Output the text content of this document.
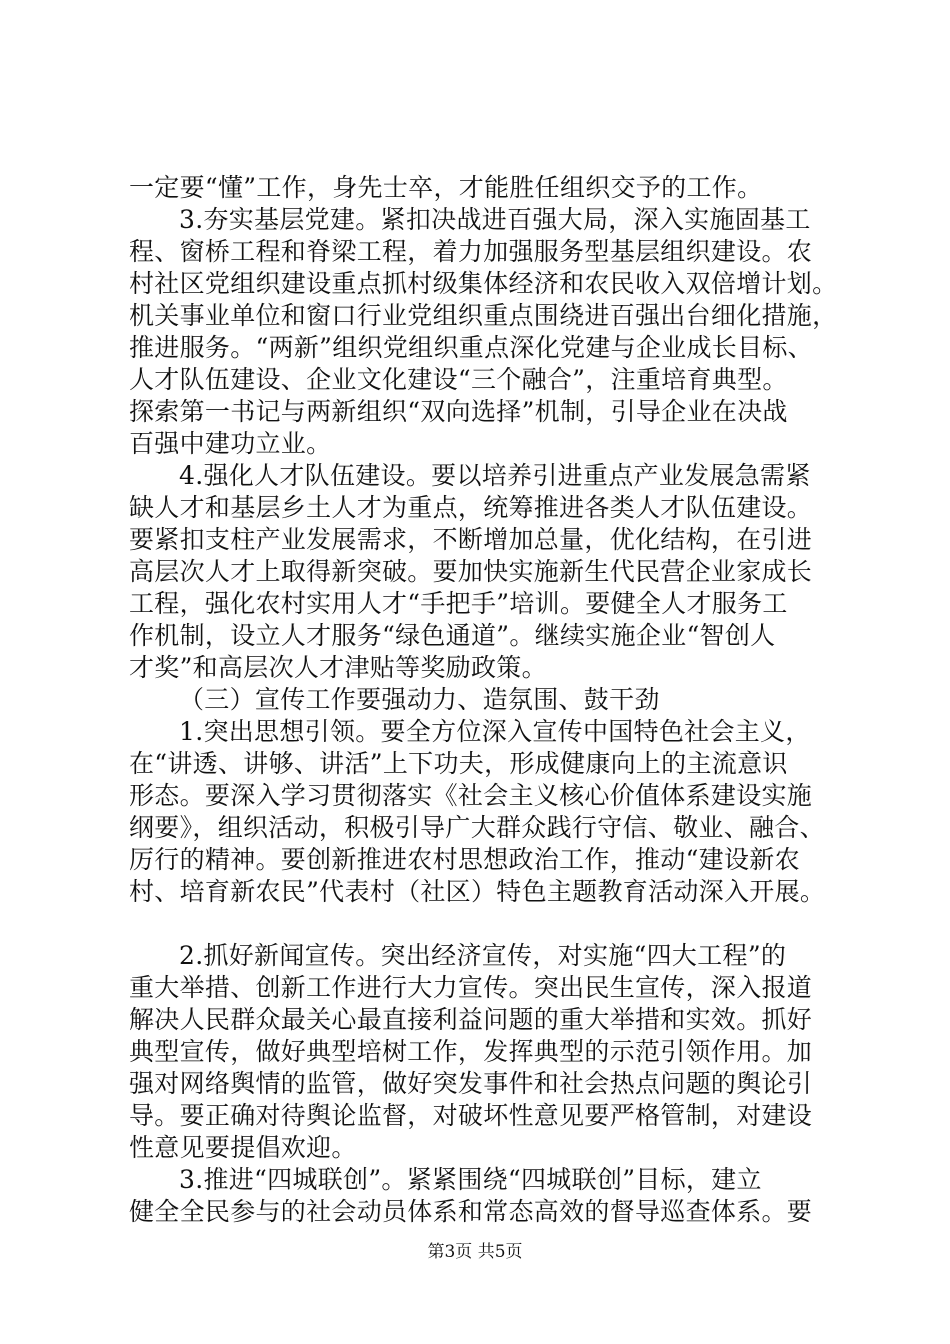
一定要“懂”工作，身先士卒，才能胜任组织交予的工作。
3.夯实基层党建。紧扣决战进百强大局，深入实施固基工
程、窗桥工程和脊梁工程，着力加强服务型基层组织建设。农
村社区党组织建设重点抓村级集体经济和农民收入双倍增计划。
机关事业单位和窗口行业党组织重点围绕进百强出台细化措施，
推进服务。“两新”组织党组织重点深化党建与企业成长目标、
人才队伍建设、企业文化建设“三个融合”，注重培育典型。
探索第一书记与两新组织“双向选择”机制，引导企业在决战
百强中建功立业。
4.强化人才队伍建设。要以培养引进重点产业发展急需紧
缺人才和基层乡土人才为重点，统筹推进各类人才队伍建设。
要紧扣支柱产业发展需求，不断增加总量，优化结构，在引进
高层次人才上取得新突破。要加快实施新生代民营企业家成长
工程，强化农村实用人才“手把手”培训。要健全人才服务工
作机制，设立人才服务“绿色通道”。继续实施企业“智创人
才奖”和高层次人才津贴等奖励政策。
（三）宣传工作要强动力、造氛围、鼓干劲
1.突出思想引领。要全方位深入宣传中国特色社会主义，
在“讲透、讲够、讲活”上下功夫，形成健康向上的主流意识
形态。要深入学习贯彻落实《社会主义核心价值体系建设实施
纲要》，组织活动，积极引导广大群众践行守信、敬业、融合、
厉行的精神。要创新推进农村思想政治工作，推动“建设新农
村、培育新农民”代表村（社区）特色主题教育活动深入开展。
2.抓好新闻宣传。突出经济宣传，对实施“四大工程”的
重大举措、创新工作进行大力宣传。突出民生宣传，深入报道
解决人民群众最关心最直接利益问题的重大举措和实效。抓好
典型宣传，做好典型培树工作，发挥典型的示范引领作用。加
强对网络舆情的监管，做好突发事件和社会热点问题的舆论引
导。要正确对待舆论监督，对破坏性意见要严格管制，对建设
性意见要提倡欢迎。
3.推进“四城联创”。紧紧围绕“四城联创”目标，建立
健全全民参与的社会动员体系和常态高效的督导巡查体系。要
第3页 共5页
